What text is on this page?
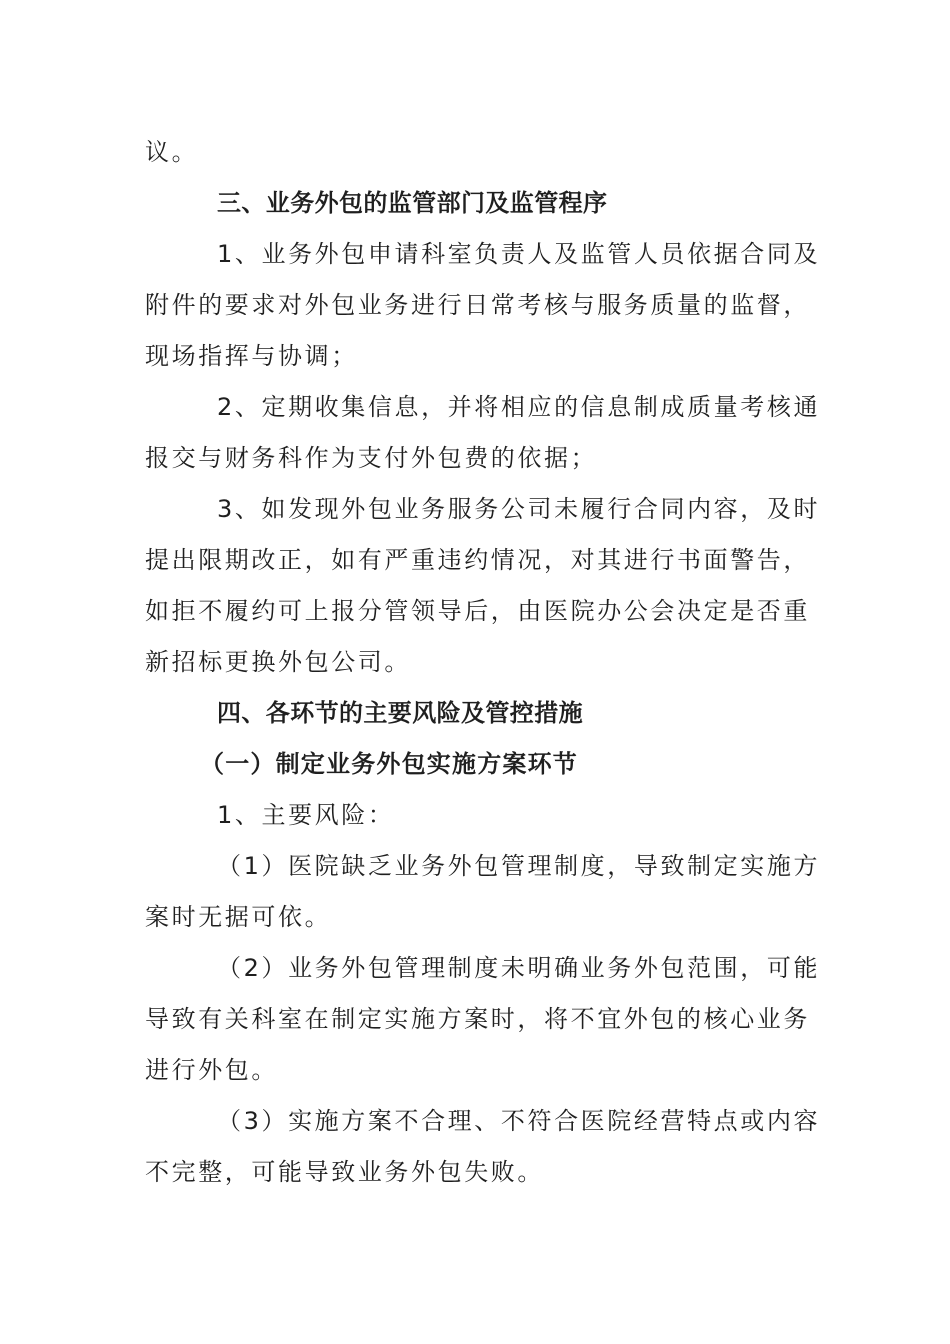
议。
三、业务外包的监管部门及监管程序
1、业务外包申请科室负责人及监管人员依据合同及
附件的要求对外包业务进行日常考核与服务质量的监督，
现场指挥与协调；
2、定期收集信息，并将相应的信息制成质量考核通
报交与财务科作为支付外包费的依据；
3、如发现外包业务服务公司未履行合同内容，及时
提出限期改正，如有严重违约情况，对其进行书面警告，
如拒不履约可上报分管领导后，由医院办公会决定是否重
新招标更换外包公司。
四、各环节的主要风险及管控措施
（一）制定业务外包实施方案环节
1、主要风险：
（1）医院缺乏业务外包管理制度，导致制定实施方
案时无据可依。
（2）业务外包管理制度未明确业务外包范围，可能
导致有关科室在制定实施方案时，将不宜外包的核心业务
进行外包。
（3）实施方案不合理、不符合医院经营特点或内容
不完整，可能导致业务外包失败。
